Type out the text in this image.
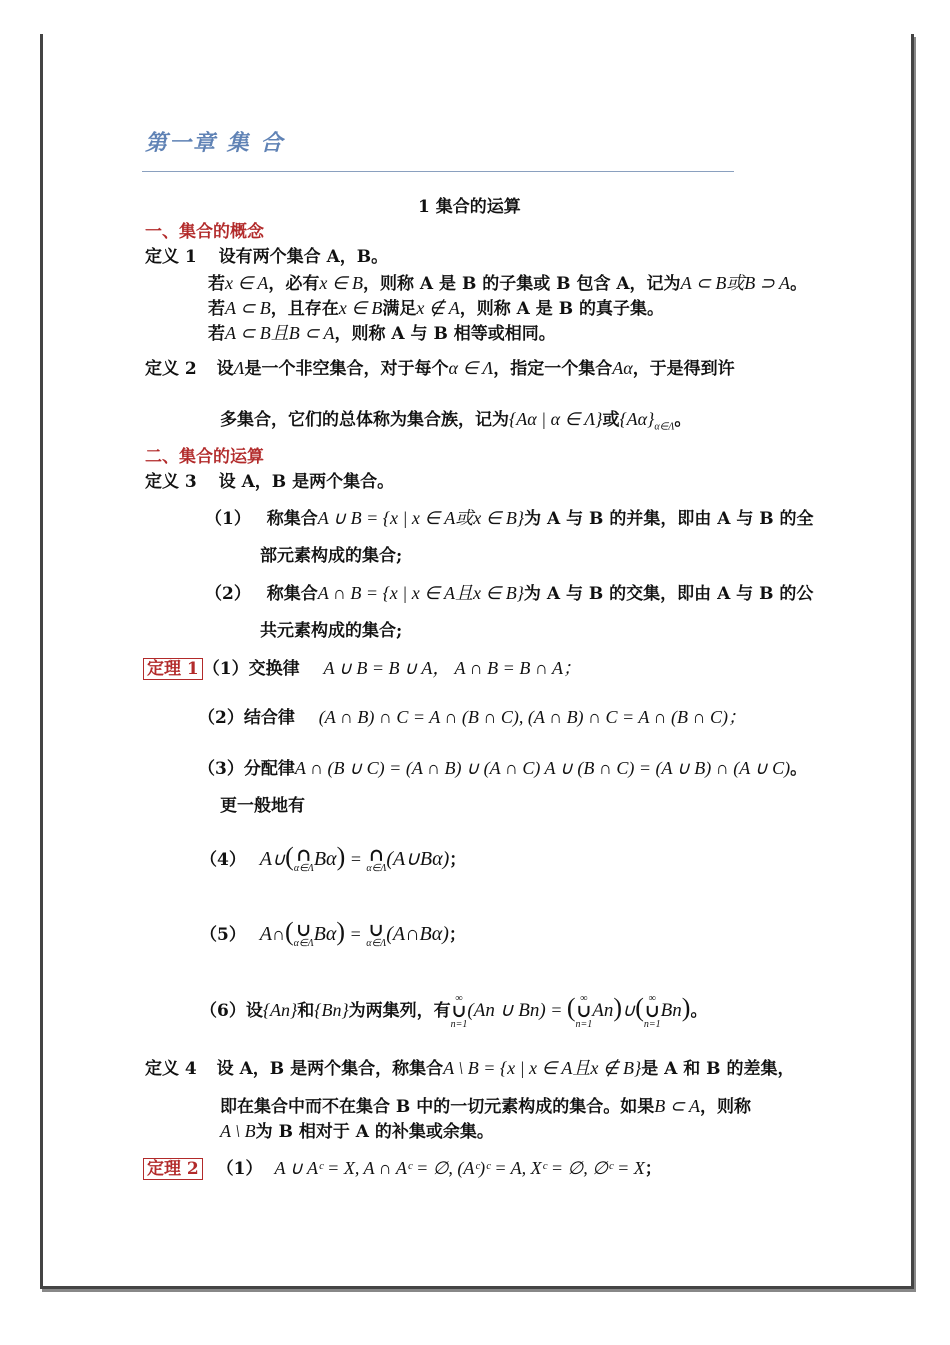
第一章 集 合
1 集合的运算
一、集合的概念
定义 1 设有两个集合 A，B。
若x ∈ A，必有x ∈ B，则称 A 是 B 的子集或 B 包含 A，记为A ⊂ B或B ⊃ A。
若A ⊂ B，且存在x ∈ B满足x ∉ A，则称 A 是 B 的真子集。
若A ⊂ B且B ⊂ A，则称 A 与 B 相等或相同。
定义 2 设Λ是一个非空集合，对于每个α ∈ Λ，指定一个集合Aα，于是得到许
多集合，它们的总体称为集合族，记为{Aα | α ∈ Λ}或$\{A\alpha\}_{\alpha\in\Lambda}$。
二、集合的运算
定义 3 设 A，B 是两个集合。
（1） 称集合A ∪ B = {x | x ∈ A或x ∈ B}为 A 与 B 的并集，即由 A 与 B 的全
部元素构成的集合;
（2） 称集合A ∩ B = {x | x ∈ A且x ∈ B}为 A 与 B 的交集，即由 A 与 B 的公
共元素构成的集合;
定理 1 （1）交换律 A ∪ B = B ∪ A， A ∩ B = B ∩ A；
（2）结合律 (A ∩ B) ∩ C = A ∩ (B ∩ C), (A ∩ B) ∩ C = A ∩ (B ∩ C)；
（3）分配律A ∩ (B ∪ C) = (A ∩ B) ∪ (A ∩ C) A ∪ (B ∩ C) = (A ∪ B) ∩ (A ∪ C)。
更一般地有
（4） A∪( ∩
α∈Λ Bα) = ∩
α∈Λ (A∪Bα)；
（5） A∩( ∪
α∈Λ Bα) = ∪
α∈Λ (A∩Bα)；
（6）设{An}和{Bn}为两集列，有
∞
∪
n=1
(An ∪ Bn) = ( ∞
∪
n=1
An)∪( ∞
∪
n=1
Bn)。
定义 4 设 A，B 是两个集合，称集合A \ B = {x | x ∈ A且x ∉ B}是 A 和 B 的差集，
即在集合中而不在集合 B 中的一切元素构成的集合。如果B ⊂ A，则称
A \ B为 B 相对于 A 的补集或余集。
定理 2 （1） A ∪ Aᶜ = X, A ∩ Aᶜ = ∅, (Aᶜ)ᶜ = A, Xᶜ = ∅, ∅ᶜ = X；
